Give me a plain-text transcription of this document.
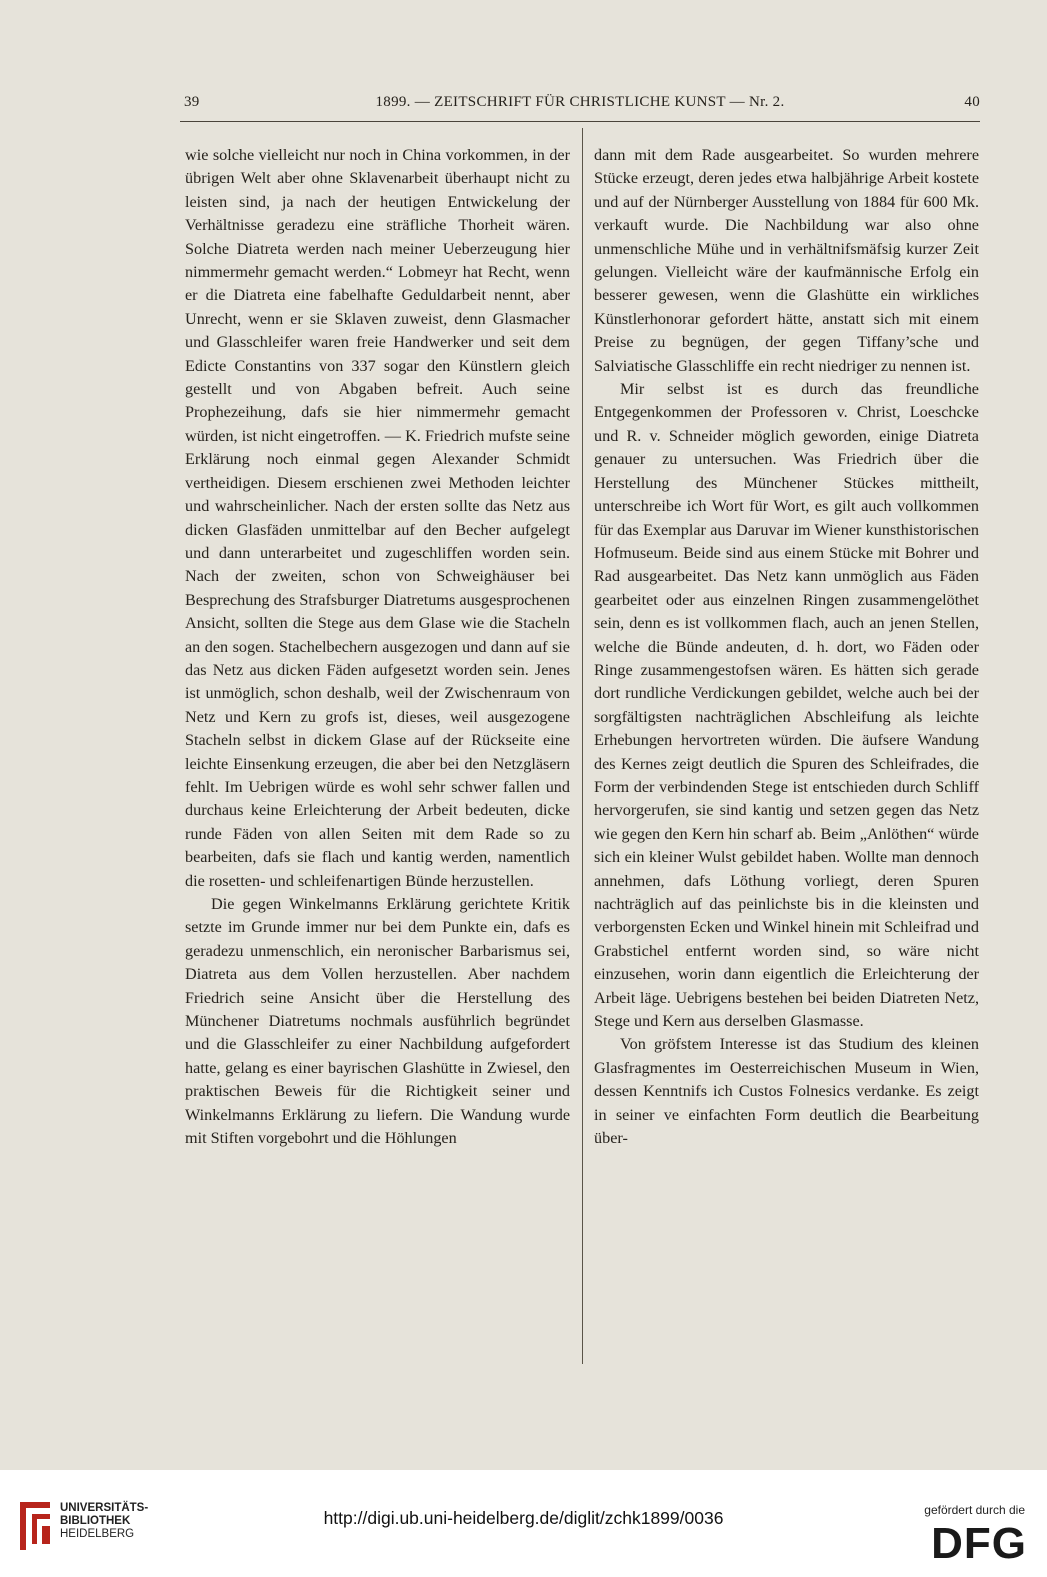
39	1899. — ZEITSCHRIFT FÜR CHRISTLICHE KUNST — Nr. 2.	40

wie solche vielleicht nur noch in China vorkommen, in der übrigen Welt aber ohne Sklavenarbeit überhaupt nicht zu leisten sind, ja nach der heutigen Entwickelung der Verhältnisse geradezu eine sträfliche Thorheit wären. Solche Diatreta werden nach meiner Ueberzeugung hier nimmermehr gemacht werden.“ Lobmeyr hat Recht, wenn er die Diatreta eine fabelhafte Geduldarbeit nennt, aber Unrecht, wenn er sie Sklaven zuweist, denn Glasmacher und Glasschleifer waren freie Handwerker und seit dem Edicte Constantins von 337 sogar den Künstlern gleich gestellt und von Abgaben befreit. Auch seine Prophezeihung, dafs sie hier nimmermehr gemacht würden, ist nicht eingetroffen. — K. Friedrich mufste seine Erklärung noch einmal gegen Alexander Schmidt vertheidigen. Diesem erschienen zwei Methoden leichter und wahrscheinlicher. Nach der ersten sollte das Netz aus dicken Glasfäden unmittelbar auf den Becher aufgelegt und dann unterarbeitet und zugeschliffen worden sein. Nach der zweiten, schon von Schweighäuser bei Besprechung des Strafsburger Diatretums ausgesprochenen Ansicht, sollten die Stege aus dem Glase wie die Stacheln an den sogen. Stachelbechern ausgezogen und dann auf sie das Netz aus dicken Fäden aufgesetzt worden sein. Jenes ist unmöglich, schon deshalb, weil der Zwischenraum von Netz und Kern zu grofs ist, dieses, weil ausgezogene Stacheln selbst in dickem Glase auf der Rückseite eine leichte Einsenkung erzeugen, die aber bei den Netzgläsern fehlt. Im Uebrigen würde es wohl sehr schwer fallen und durchaus keine Erleichterung der Arbeit bedeuten, dicke runde Fäden von allen Seiten mit dem Rade so zu bearbeiten, dafs sie flach und kantig werden, namentlich die rosetten- und schleifenartigen Bünde herzustellen.

Die gegen Winkelmanns Erklärung gerichtete Kritik setzte im Grunde immer nur bei dem Punkte ein, dafs es geradezu unmenschlich, ein neronischer Barbarismus sei, Diatreta aus dem Vollen herzustellen. Aber nachdem Friedrich seine Ansicht über die Herstellung des Münchener Diatretums nochmals ausführlich begründet und die Glasschleifer zu einer Nachbildung aufgefordert hatte, gelang es einer bayrischen Glashütte in Zwiesel, den praktischen Beweis für die Richtigkeit seiner und Winkelmanns Erklärung zu liefern. Die Wandung wurde mit Stiften vorgebohrt und die Höhlungen

dann mit dem Rade ausgearbeitet. So wurden mehrere Stücke erzeugt, deren jedes etwa halbjährige Arbeit kostete und auf der Nürnberger Ausstellung von 1884 für 600 Mk. verkauft wurde. Die Nachbildung war also ohne unmenschliche Mühe und in verhältnifsmäfsig kurzer Zeit gelungen. Vielleicht wäre der kaufmännische Erfolg ein besserer gewesen, wenn die Glashütte ein wirkliches Künstlerhonorar gefordert hätte, anstatt sich mit einem Preise zu begnügen, der gegen Tiffany’sche und Salviatische Glasschliffe ein recht niedriger zu nennen ist.

Mir selbst ist es durch das freundliche Entgegenkommen der Professoren v. Christ, Loeschcke und R. v. Schneider möglich geworden, einige Diatreta genauer zu untersuchen. Was Friedrich über die Herstellung des Münchener Stückes mittheilt, unterschreibe ich Wort für Wort, es gilt auch vollkommen für das Exemplar aus Daruvar im Wiener kunsthistorischen Hofmuseum. Beide sind aus einem Stücke mit Bohrer und Rad ausgearbeitet. Das Netz kann unmöglich aus Fäden gearbeitet oder aus einzelnen Ringen zusammengelöthet sein, denn es ist vollkommen flach, auch an jenen Stellen, welche die Bünde andeuten, d. h. dort, wo Fäden oder Ringe zusammengestofsen wären. Es hätten sich gerade dort rundliche Verdickungen gebildet, welche auch bei der sorgfältigsten nachträglichen Abschleifung als leichte Erhebungen hervortreten würden. Die äufsere Wandung des Kernes zeigt deutlich die Spuren des Schleifrades, die Form der verbindenden Stege ist entschieden durch Schliff hervorgerufen, sie sind kantig und setzen gegen das Netz wie gegen den Kern hin scharf ab. Beim „Anlöthen“ würde sich ein kleiner Wulst gebildet haben. Wollte man dennoch annehmen, dafs Löthung vorliegt, deren Spuren nachträglich auf das peinlichste bis in die kleinsten und verborgensten Ecken und Winkel hinein mit Schleifrad und Grabstichel entfernt worden sind, so wäre nicht einzusehen, worin dann eigentlich die Erleichterung der Arbeit läge. Uebrigens bestehen bei beiden Diatreten Netz, Stege und Kern aus derselben Glasmasse.

Von gröfstem Interesse ist das Studium des kleinen Glasfragmentes im Oesterreichischen Museum in Wien, dessen Kenntnifs ich Custos Folnesics verdanke. Es zeigt in seiner ve einfachten Form deutlich die Bearbeitung über-

UNIVERSITÄTS-
BIBLIOTHEK
HEIDELBERG
http://digi.ub.uni-heidelberg.de/diglit/zchk1899/0036	gefördert durch die
DFG
